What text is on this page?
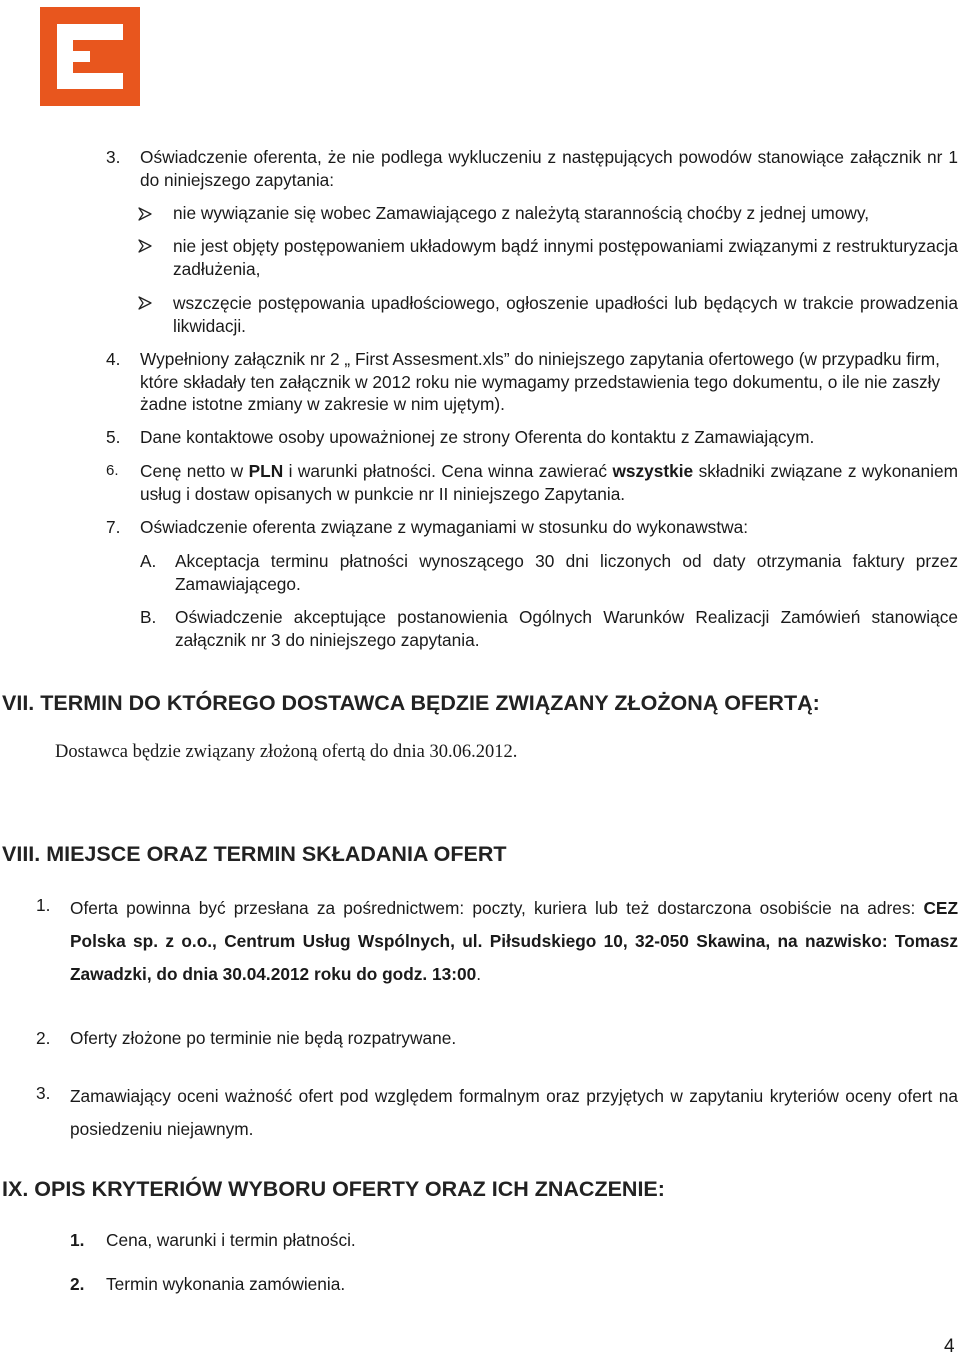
3. Oświadczenie oferenta, że nie podlega wykluczeniu z następujących powodów stanowiące załącznik nr 1 do niniejszego zapytania:
nie wywiązanie się wobec Zamawiającego z należytą starannością choćby z jednej umowy,
nie jest objęty postępowaniem układowym bądź innymi postępowaniami związanymi z restrukturyzacja zadłużenia,
wszczęcie postępowania upadłościowego, ogłoszenie upadłości lub będących w trakcie prowadzenia likwidacji.
4. Wypełniony załącznik nr 2 „ First Assesment.xls” do niniejszego zapytania ofertowego (w przypadku firm, które składały ten załącznik w 2012 roku nie wymagamy przedstawienia tego dokumentu, o ile nie zaszły żadne istotne zmiany w zakresie w nim ujętym).
5. Dane kontaktowe osoby upoważnionej ze strony Oferenta do kontaktu z Zamawiającym.
6. Cenę netto w PLN i warunki płatności. Cena winna zawierać wszystkie składniki związane z wykonaniem usług i dostaw opisanych w punkcie nr II niniejszego Zapytania.
7. Oświadczenie oferenta związane z wymaganiami w stosunku do wykonawstwa:
A. Akceptacja terminu płatności wynoszącego 30 dni liczonych od daty otrzymania faktury przez Zamawiającego.
B. Oświadczenie akceptujące postanowienia Ogólnych Warunków Realizacji Zamówień stanowiące załącznik nr 3 do niniejszego zapytania.
VII. TERMIN DO KTÓREGO DOSTAWCA BĘDZIE ZWIĄZANY ZŁOŻONĄ OFERTĄ:
Dostawca będzie związany złożoną ofertą do dnia 30.06.2012.
VIII. MIEJSCE ORAZ TERMIN SKŁADANIA OFERT
1. Oferta powinna być przesłana za pośrednictwem: poczty, kuriera lub też dostarczona osobiście na adres: CEZ Polska sp. z o.o., Centrum Usług Wspólnych, ul. Piłsudskiego 10, 32-050 Skawina, na nazwisko: Tomasz Zawadzki, do dnia 30.04.2012 roku do godz. 13:00.
2. Oferty złożone po terminie nie będą rozpatrywane.
3. Zamawiający oceni ważność ofert pod względem formalnym oraz przyjętych w zapytaniu kryteriów oceny ofert na posiedzeniu niejawnym.
IX. OPIS KRYTERIÓW WYBORU OFERTY ORAZ ICH ZNACZENIE:
1. Cena, warunki i termin płatności.
2. Termin wykonania zamówienia.
4
